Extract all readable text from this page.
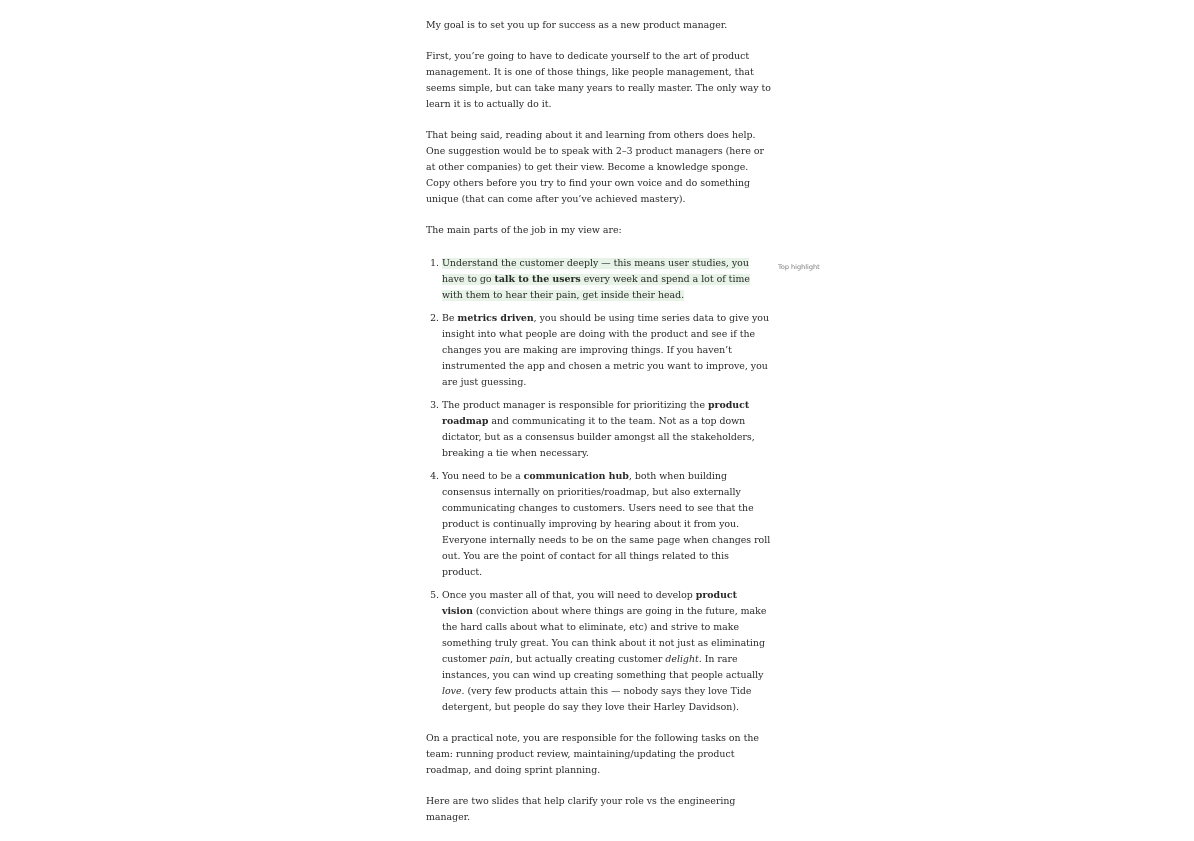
My goal is to set you up for success as a new product manager.

First, you’re going to have to dedicate yourself to the art of product management. It is one of those things, like people management, that seems simple, but can take many years to really master. The only way to learn it is to actually do it.

That being said, reading about it and learning from others does help. One suggestion would be to speak with 2–3 product managers (here or at other companies) to get their view. Become a knowledge sponge. Copy others before you try to find your own voice and do something unique (that can come after you’ve achieved mastery).

The main parts of the job in my view are:

1. Understand the customer deeply — this means user studies, you have to go talk to the users every week and spend a lot of time with them to hear their pain, get inside their head.
2. Be metrics driven, you should be using time series data to give you insight into what people are doing with the product and see if the changes you are making are improving things. If you haven’t instrumented the app and chosen a metric you want to improve, you are just guessing.
3. The product manager is responsible for prioritizing the product roadmap and communicating it to the team. Not as a top down dictator, but as a consensus builder amongst all the stakeholders, breaking a tie when necessary.
4. You need to be a communication hub, both when building consensus internally on priorities/roadmap, but also externally communicating changes to customers. Users need to see that the product is continually improving by hearing about it from you. Everyone internally needs to be on the same page when changes roll out. You are the point of contact for all things related to this product.
5. Once you master all of that, you will need to develop product vision (conviction about where things are going in the future, make the hard calls about what to eliminate, etc) and strive to make something truly great. You can think about it not just as eliminating customer pain, but actually creating customer delight. In rare instances, you can wind up creating something that people actually love. (very few products attain this — nobody says they love Tide detergent, but people do say they love their Harley Davidson).

On a practical note, you are responsible for the following tasks on the team: running product review, maintaining/updating the product roadmap, and doing sprint planning.

Here are two slides that help clarify your role vs the engineering manager.

Top highlight
